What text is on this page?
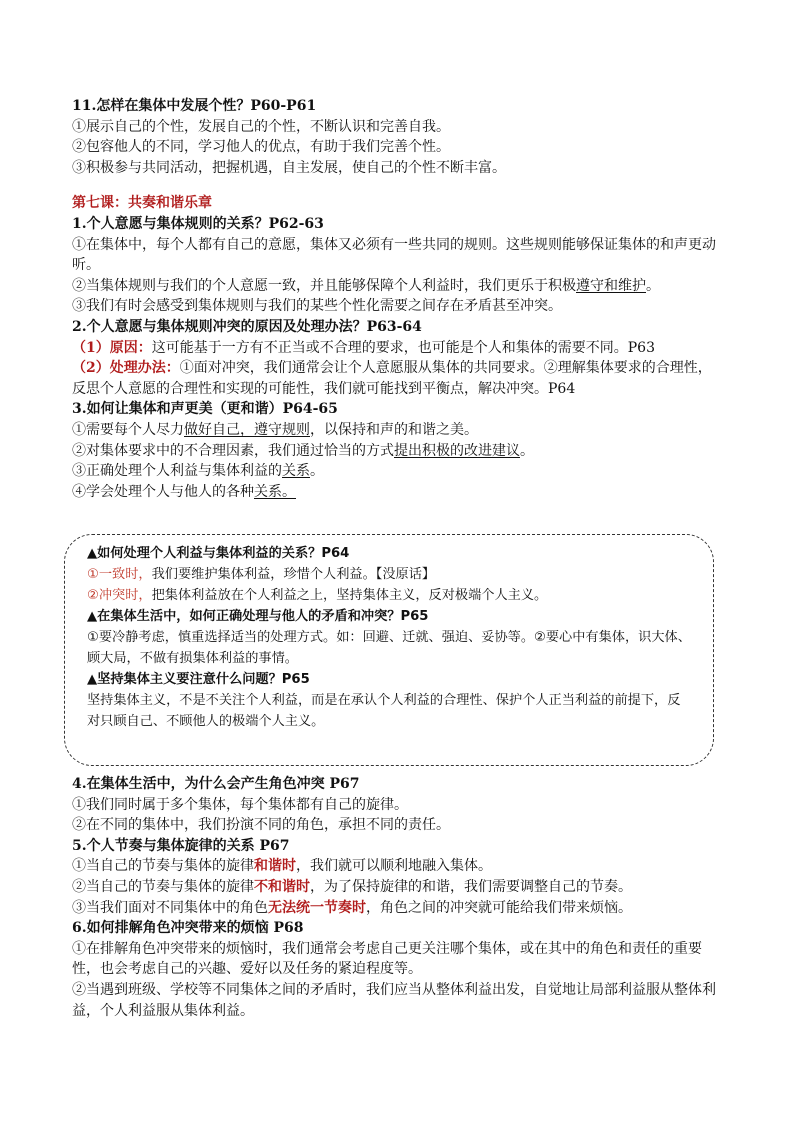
11.怎样在集体中发展个性？P60-P61
①展示自己的个性，发展自己的个性，不断认识和完善自我。
②包容他人的不同，学习他人的优点，有助于我们完善个性。
③积极参与共同活动，把握机遇，自主发展，使自己的个性不断丰富。
第七课：共奏和谐乐章
1.个人意愿与集体规则的关系？P62-63
①在集体中，每个人都有自己的意愿，集体又必须有一些共同的规则。这些规则能够保证集体的和声更动听。
②当集体规则与我们的个人意愿一致，并且能够保障个人利益时，我们更乐于积极遵守和维护。
③我们有时会感受到集体规则与我们的某些个性化需要之间存在矛盾甚至冲突。
2.个人意愿与集体规则冲突的原因及处理办法？P63-64
（1）原因：这可能基于一方有不正当或不合理的要求，也可能是个人和集体的需要不同。P63
（2）处理办法：①面对冲突，我们通常会让个人意愿服从集体的共同要求。②理解集体要求的合理性，反思个人意愿的合理性和实现的可能性，我们就可能找到平衡点，解决冲突。P64
3.如何让集体和声更美（更和谐）P64-65
①需要每个人尽力做好自己，遵守规则，以保持和声的和谐之美。
②对集体要求中的不合理因素，我们通过恰当的方式提出积极的改进建议。
③正确处理个人利益与集体利益的关系。
④学会处理个人与他人的各种关系。
▲如何处理个人利益与集体利益的关系？P64
①一致时，我们要维护集体利益，珍惜个人利益。【没原话】
②冲突时，把集体利益放在个人利益之上，坚持集体主义，反对极端个人主义。
▲在集体生活中，如何正确处理与他人的矛盾和冲突？P65
①要冷静考虑，慎重选择适当的处理方式。如：回避、迁就、强迫、妥协等。②要心中有集体，识大体、顾大局，不做有损集体利益的事情。
▲坚持集体主义要注意什么问题？P65
坚持集体主义，不是不关注个人利益，而是在承认个人利益的合理性、保护个人正当利益的前提下，反对只顾自己、不顾他人的极端个人主义。
4.在集体生活中，为什么会产生角色冲突 P67
①我们同时属于多个集体，每个集体都有自己的旋律。
②在不同的集体中，我们扮演不同的角色，承担不同的责任。
5.个人节奏与集体旋律的关系 P67
①当自己的节奏与集体的旋律和谐时，我们就可以顺利地融入集体。
②当自己的节奏与集体的旋律不和谐时，为了保持旋律的和谐，我们需要调整自己的节奏。
③当我们面对不同集体中的角色无法统一节奏时，角色之间的冲突就可能给我们带来烦恼。
6.如何排解角色冲突带来的烦恼 P68
①在排解角色冲突带来的烦恼时，我们通常会考虑自己更关注哪个集体，或在其中的角色和责任的重要性，也会考虑自己的兴趣、爱好以及任务的紧迫程度等。
②当遇到班级、学校等不同集体之间的矛盾时，我们应当从整体利益出发，自觉地让局部利益服从整体利益，个人利益服从集体利益。
